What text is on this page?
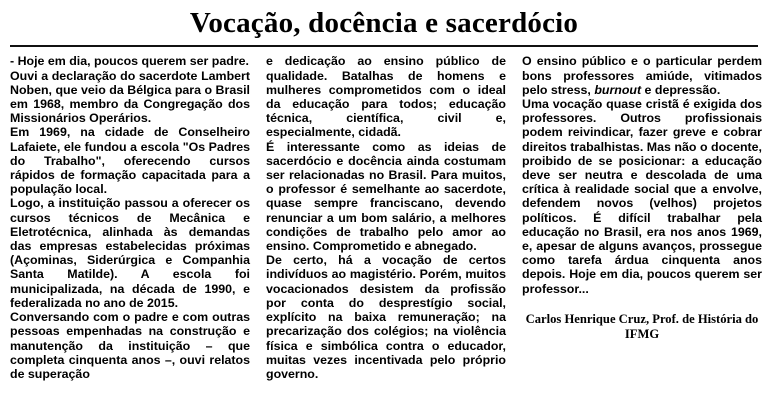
Vocação, docência e sacerdócio

- Hoje em dia, poucos querem ser padre.

Ouvi a declaração do sacerdote Lambert Noben, que veio da Bélgica para o Brasil em 1968, membro da Congregação dos Missionários Operários.

Em 1969, na cidade de Conselheiro Lafaiete, ele fundou a escola "Os Padres do Trabalho", oferecendo cursos rápidos de formação capacitada para a população local.

Logo, a instituição passou a oferecer os cursos técnicos de Mecânica e Eletrotécnica, alinhada às demandas das empresas estabelecidas próximas (Açominas, Siderúrgica e Companhia Santa Matilde). A escola foi municipalizada, na década de 1990, e federalizada no ano de 2015.

Conversando com o padre e com outras pessoas empenhadas na construção e manutenção da instituição – que completa cinquenta anos –, ouvi relatos de superação

e dedicação ao ensino público de qualidade. Batalhas de homens e mulheres comprometidos com o ideal da educação para todos; educação técnica, científica, civil e, especialmente, cidadã.

É interessante como as ideias de sacerdócio e docência ainda costumam ser relacionadas no Brasil. Para muitos, o professor é semelhante ao sacerdote, quase sempre franciscano, devendo renunciar a um bom salário, a melhores condições de trabalho pelo amor ao ensino. Comprometido e abnegado.

De certo, há a vocação de certos indivíduos ao magistério. Porém, muitos vocacionados desistem da profissão por conta do desprestígio social, explícito na baixa remuneração; na precarização dos colégios; na violência física e simbólica contra o educador, muitas vezes incentivada pelo próprio governo.

O ensino público e o particular perdem bons professores amiúde, vitimados pelo stress, burnout e depressão.

Uma vocação quase cristã é exigida dos professores. Outros profissionais podem reivindicar, fazer greve e cobrar direitos trabalhistas. Mas não o docente, proibido de se posicionar: a educação deve ser neutra e descolada de uma crítica à realidade social que a envolve, defendem novos (velhos) projetos políticos. É difícil trabalhar pela educação no Brasil, era nos anos 1969, e, apesar de alguns avanços, prossegue como tarefa árdua cinquenta anos depois. Hoje em dia, poucos querem ser professor...

Carlos Henrique Cruz, Prof. de História do IFMG
